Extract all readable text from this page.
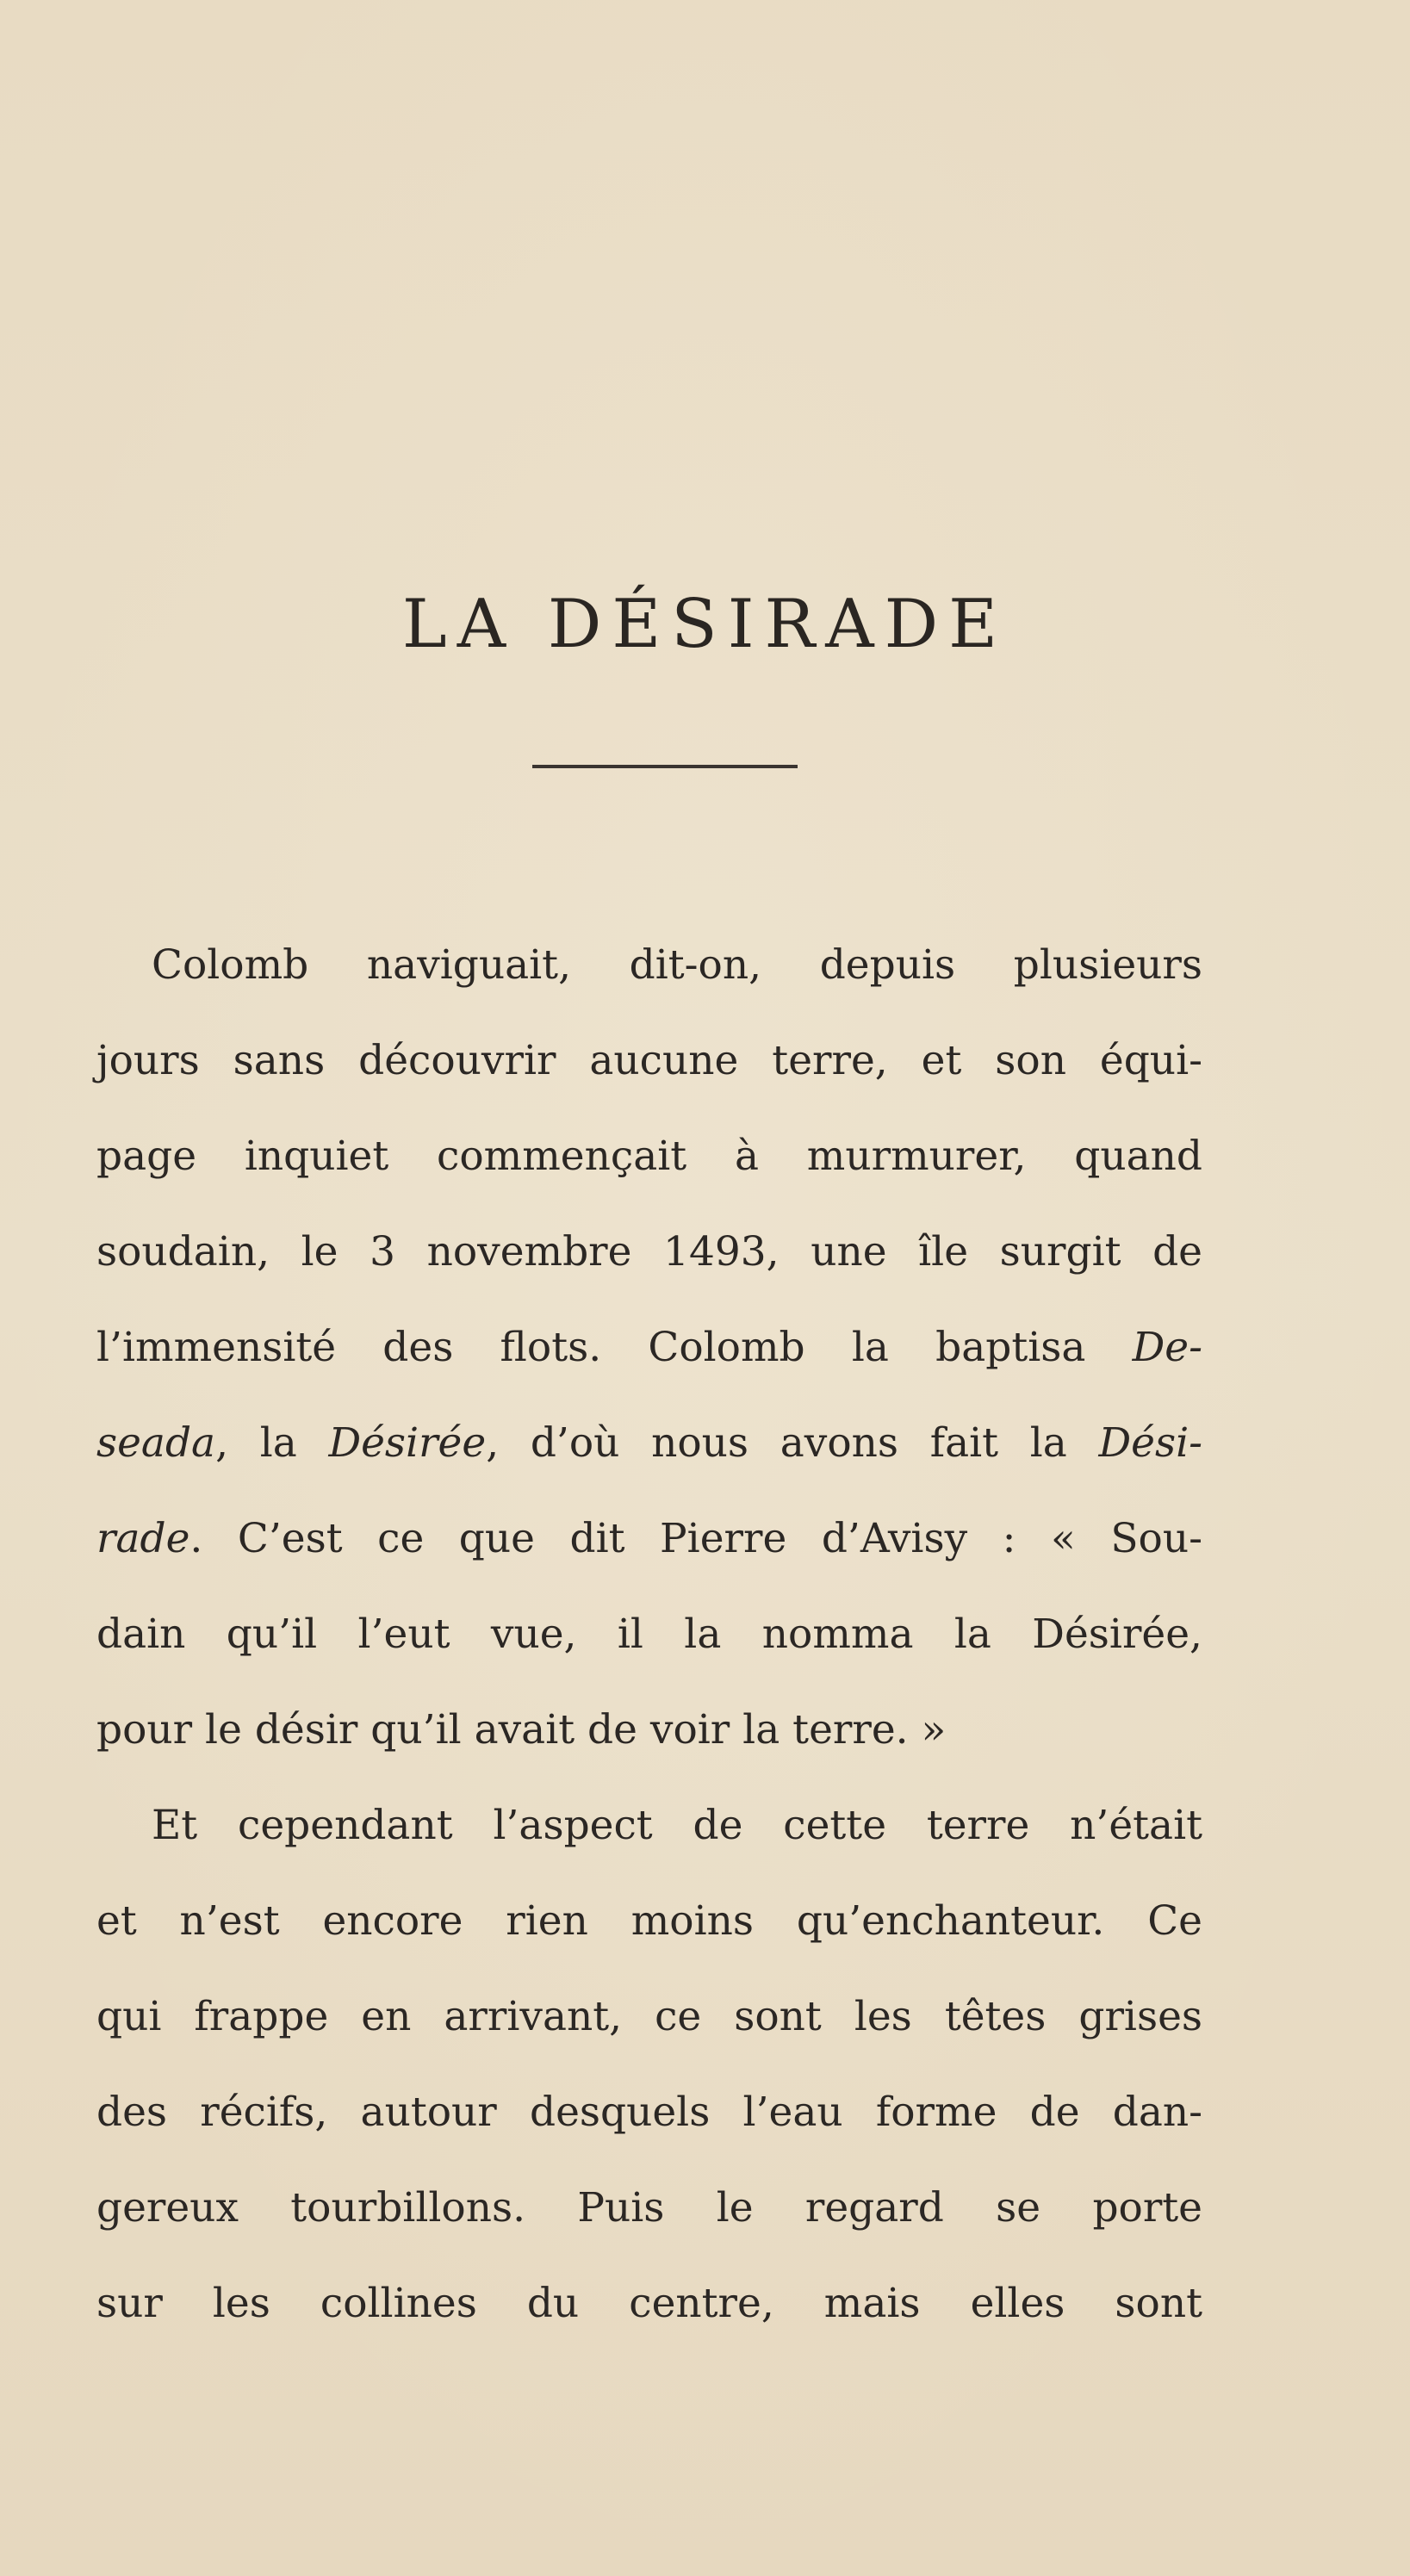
LA DÉSIRADE
Colomb naviguait, dit-on, depuis plusieurs
jours sans découvrir aucune terre, et son équi-
page inquiet commençait à murmurer, quand
soudain, le 3 novembre 1493, une île surgit de
l’immensité des flots. Colomb la baptisa De-
seada, la Désirée, d’où nous avons fait la Dési-
rade. C’est ce que dit Pierre d’Avisy : « Sou-
dain qu’il l’eut vue, il la nomma la Désirée,
pour le désir qu’il avait de voir la terre. »
Et cependant l’aspect de cette terre n’était
et n’est encore rien moins qu’enchanteur. Ce
qui frappe en arrivant, ce sont les têtes grises
des récifs, autour desquels l’eau forme de dan-
gereux tourbillons. Puis le regard se porte
sur les collines du centre, mais elles sont
